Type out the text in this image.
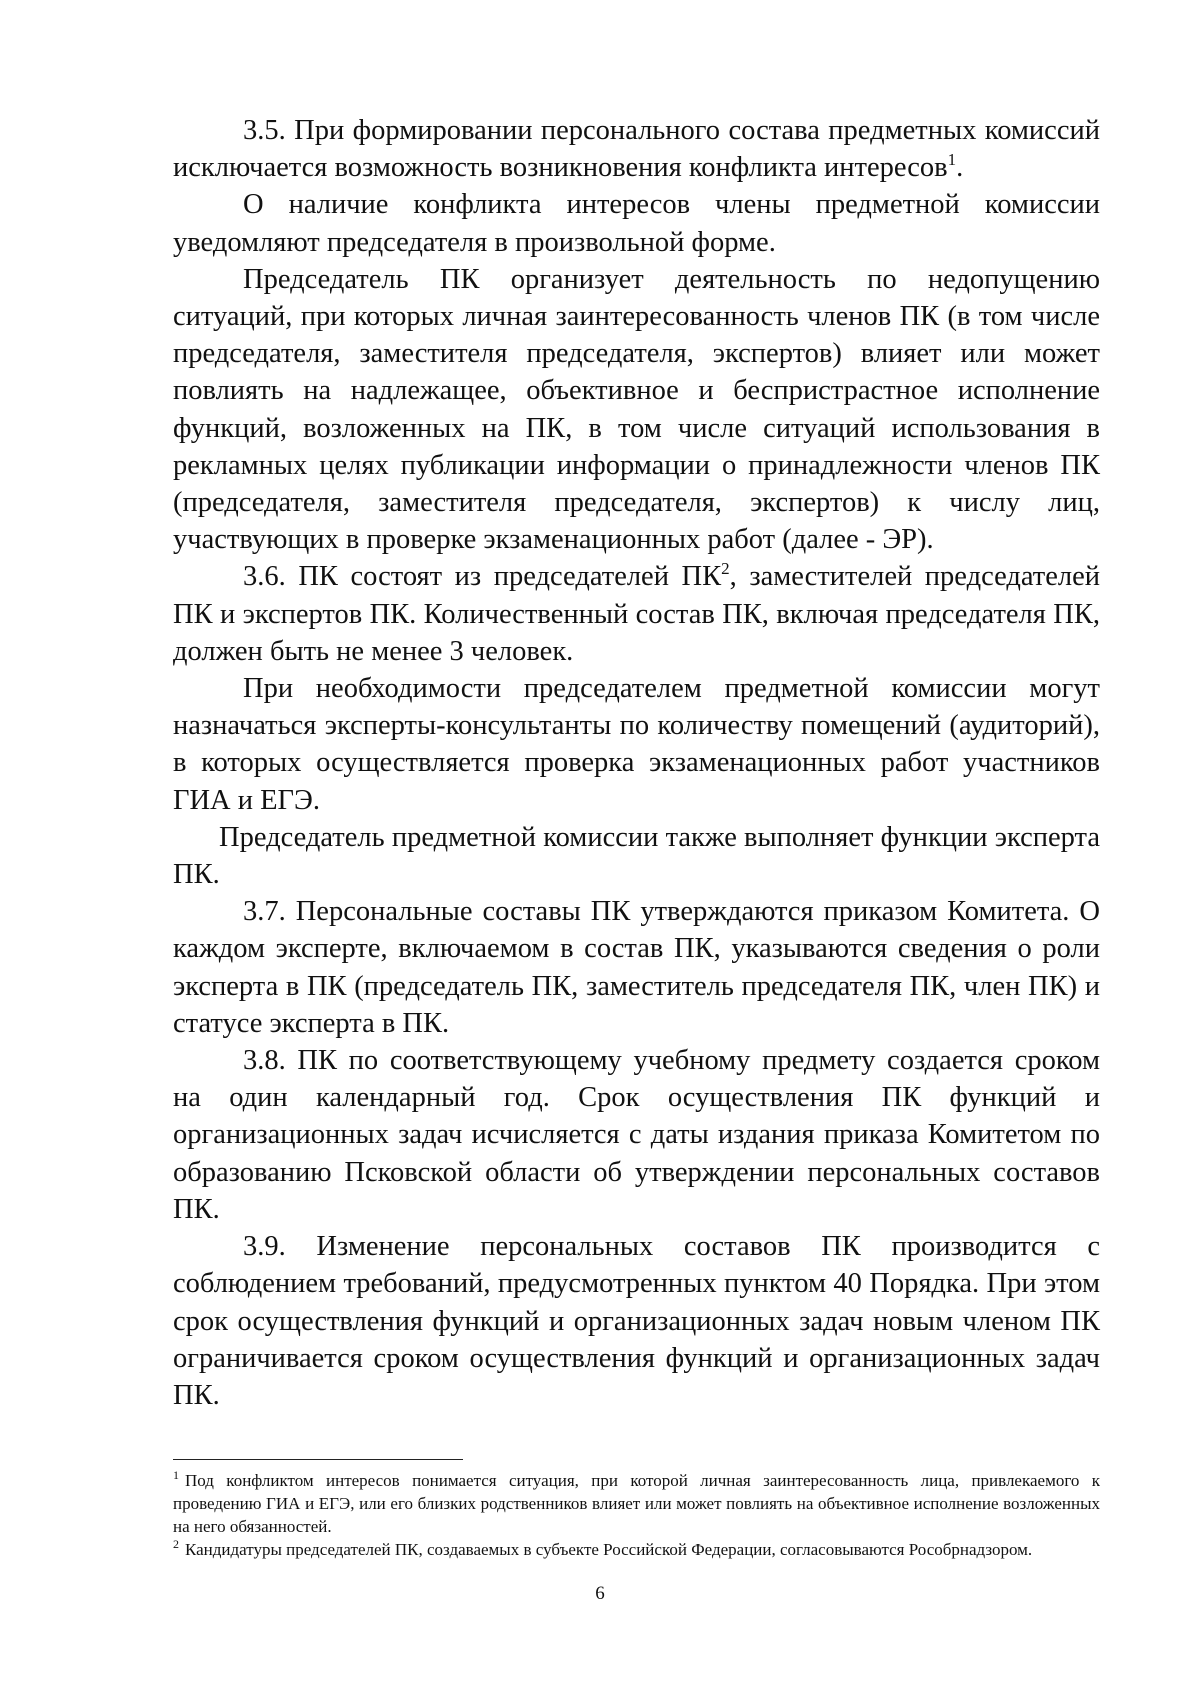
3.5. При формировании персонального состава предметных комиссий исключается возможность возникновения конфликта интересов$^1$.

О наличие конфликта интересов члены предметной комиссии уведомляют председателя в произвольной форме.

Председатель ПК организует деятельность по недопущению ситуаций, при которых личная заинтересованность членов ПК (в том числе председателя, заместителя председателя, экспертов) влияет или может повлиять на надлежащее, объективное и беспристрастное исполнение функций, возложенных на ПК, в том числе ситуаций использования в рекламных целях публикации информации о принадлежности членов ПК (председателя, заместителя председателя, экспертов) к числу лиц, участвующих в проверке экзаменационных работ (далее - ЭР).

3.6. ПК состоят из председателей $ПК^2$, заместителей председателей ПК и экспертов ПК. Количественный состав ПК, включая председателя ПК, должен быть не менее 3 человек.

При необходимости председателем предметной комиссии могут назначаться эксперты-консультанты по количеству помещений (аудиторий), в которых осуществляется проверка экзаменационных работ участников ГИА и ЕГЭ.

Председатель предметной комиссии также выполняет функции эксперта ПК.

3.7. Персональные составы ПК утверждаются приказом Комитета. О каждом эксперте, включаемом в состав ПК, указываются сведения о роли эксперта в ПК (председатель ПК, заместитель председателя ПК, член ПК) и статусе эксперта в ПК.

3.8. ПК по соответствующему учебному предмету создается сроком на один календарный год. Срок осуществления ПК функций и организационных задач исчисляется с даты издания приказа Комитетом по образованию Псковской области об утверждении персональных составов ПК.

3.9. Изменение персональных составов ПК производится с соблюдением требований, предусмотренных пунктом 40 Порядка. При этом срок осуществления функций и организационных задач новым членом ПК ограничивается сроком осуществления функций и организационных задач ПК.

$^1$ Под конфликтом интересов понимается ситуация, при которой личная заинтересованность лица, привлекаемого к проведению ГИА и ЕГЭ, или его близких родственников влияет или может повлиять на объективное исполнение возложенных на него обязанностей.

$^2$ Кандидатуры председателей ПК, создаваемых в субъекте Российской Федерации, согласовываются Рособрнадзором.

6
